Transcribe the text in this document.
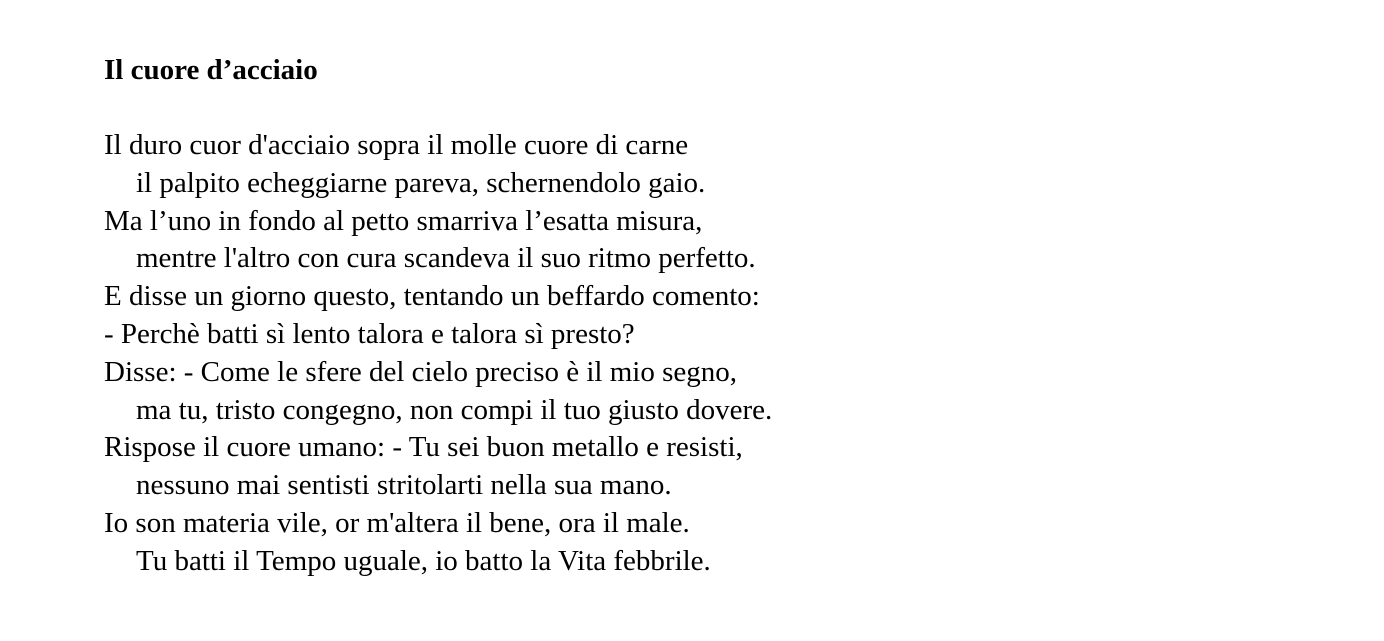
Il cuore d’acciaio

Il duro cuor d'acciaio sopra il molle cuore di carne

il palpito echeggiarne pareva, schernendolo gaio.

Ma l’uno in fondo al petto smarriva l’esatta misura,

mentre l'altro con cura scandeva il suo ritmo perfetto.

E disse un giorno questo, tentando un beffardo comento:

- Perchè batti sì lento talora e talora sì presto?

Disse: - Come le sfere del cielo preciso è il mio segno,

ma tu, tristo congegno, non compi il tuo giusto dovere.

Rispose il cuore umano: - Tu sei buon metallo e resisti,

nessuno mai sentisti stritolarti nella sua mano.

Io son materia vile, or m'altera il bene, ora il male.

Tu batti il Tempo uguale, io batto la Vita febbrile.
